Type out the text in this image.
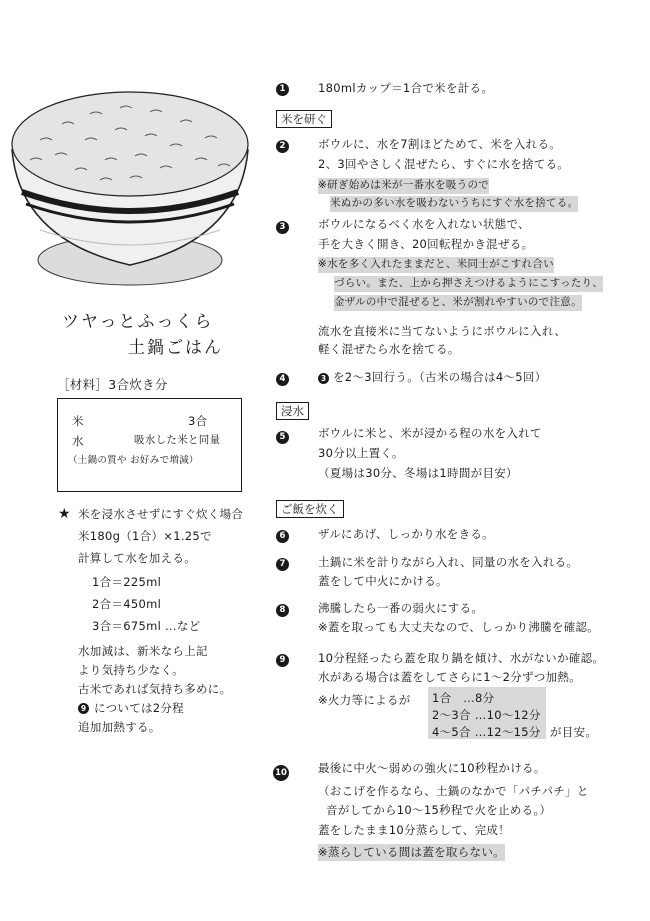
ツヤっとふっくら
土鍋ごはん
［材料］3合炊き分
米	3合
水	吸水した米と同量
（土鍋の質や お好みで増減）
★ 米を浸水させずにすぐ炊く場合
米180g（1合）×1.25で
計算して水を加える。
1合＝225ml
2合＝450ml
3合＝675ml …など
水加減は、新米なら上記
より気持ち少なく。
古米であれば気持ち多めに。
9 については2分程
追加加熱する。
1	180mlカップ＝1合で米を計る。
米を研ぐ
2	ボウルに、水を7割ほどためて、米を入れる。
2、3回やさしく混ぜたら、すぐに水を捨てる。
※研ぎ始めは米が一番水を吸うので
米ぬかの多い水を吸わないうちにすぐ水を捨てる。
3	ボウルになるべく水を入れない状態で、
手を大きく開き、20回転程かき混ぜる。
※水を多く入れたままだと、米同士がこすれ合い
づらい。また、上から押さえつけるようにこすったり、
金ザルの中で混ぜると、米が割れやすいので注意。
流水を直接米に当てないようにボウルに入れ、
軽く混ぜたら水を捨てる。
4	3 を2〜3回行う。（古米の場合は4〜5回）
浸水
5	ボウルに米と、米が浸かる程の水を入れて
30分以上置く。
（夏場は30分、冬場は1時間が目安）
ご飯を炊く
6	ザルにあげ、しっかり水をきる。
7	土鍋に米を計りながら入れ、同量の水を入れる。
蓋をして中火にかける。
8	沸騰したら一番の弱火にする。
※蓋を取っても大丈夫なので、しっかり沸騰を確認。
9	10分程経ったら蓋を取り鍋を傾け、水がないか確認。
水がある場合は蓋をしてさらに1〜2分ずつ加熱。
※火力等によるが 1合　…8分
2〜3合 …10〜12分
4〜5合 …12〜15分 が目安。
10	最後に中火〜弱めの強火に10秒程かける。
（おこげを作るなら、土鍋のなかで「パチパチ」と
音がしてから10〜15秒程で火を止める。）
蓋をしたまま10分蒸らして、完成！
※蒸らしている間は蓋を取らない。
